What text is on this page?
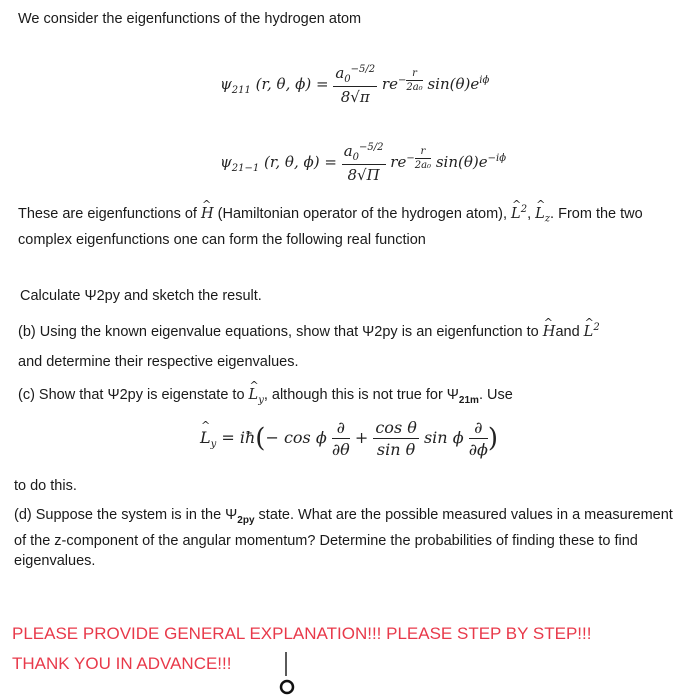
We consider the eigenfunctions of the hydrogen atom
$\psi_{211}$ (r, θ, $\phi) = \frac{a_0^{-5/2}}{8√\pi} re^{- \frac{r}{\text{2a₀}}}$ $\sin(\theta)e^{i\phi}$
$\psi_{21-1}$ (r, θ, $\phi) = \frac{a_0^{-5/2}}{8√\Pi} re^{- \frac{r}{\text{2a₀}}}$ $\sin(\theta)e^{-i\phi}$
These are eigenfunctions of H ^ (Hamiltonian operator of the hydrogen atom), L ^$^2$, L $\^{}_z$. From the two complex eigenfunctions one can form the following real function
Calculate Ψ2py and sketch the result.
(b) Using the known eigenvalue equations, show that Ψ2py is an eigenfunction to H ^and L ^$^2$
and determine their respective eigenvalues.
(c) Show that Ψ2py is eigenstate to L $\^{}_y$, although this is not true for $\Psi_{21m}$. Use
L $\^{}_y$ = iħ(− cos ϕ $\frac{\partial}{\partial\theta} + \frac{\text{cos θ}}{\text{sin θ}}$ sin ϕ $\frac{\partial}{\partial\phi}$ )
to do this.
(d) Suppose the system is in the $\Psi_{2py}$ state. What are the possible measured values in a measurement of the z-component of the angular momentum? Determine the probabilities of finding these to find eigenvalues.
PLEASE PROVIDE GENERAL EXPLANATION!!! PLEASE STEP BY STEP!!!
THANK YOU IN ADVANCE!!!
